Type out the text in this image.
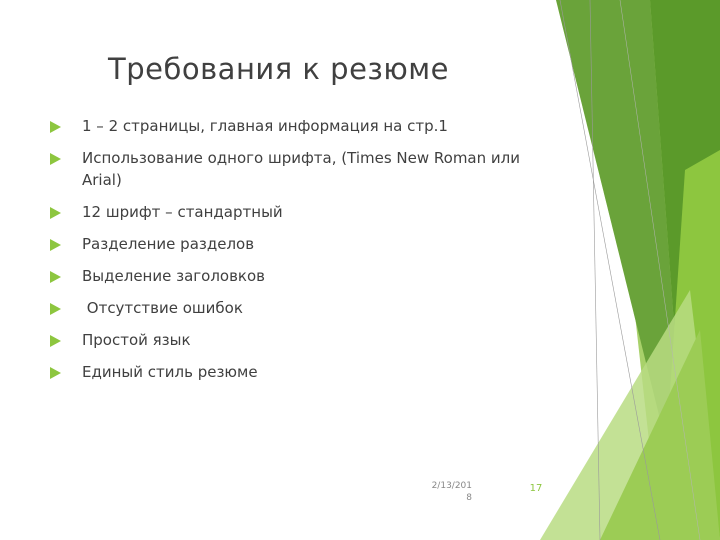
Требования к резюме
1 – 2 страницы, главная информация на стр.1
Использование одного шрифта, (Times New Roman или Arial)
12 шрифт – стандартный
Разделение разделов
Выделение заголовков
Отсутствие ошибок
Простой язык
Единый стиль резюме
2/13/2018
17
